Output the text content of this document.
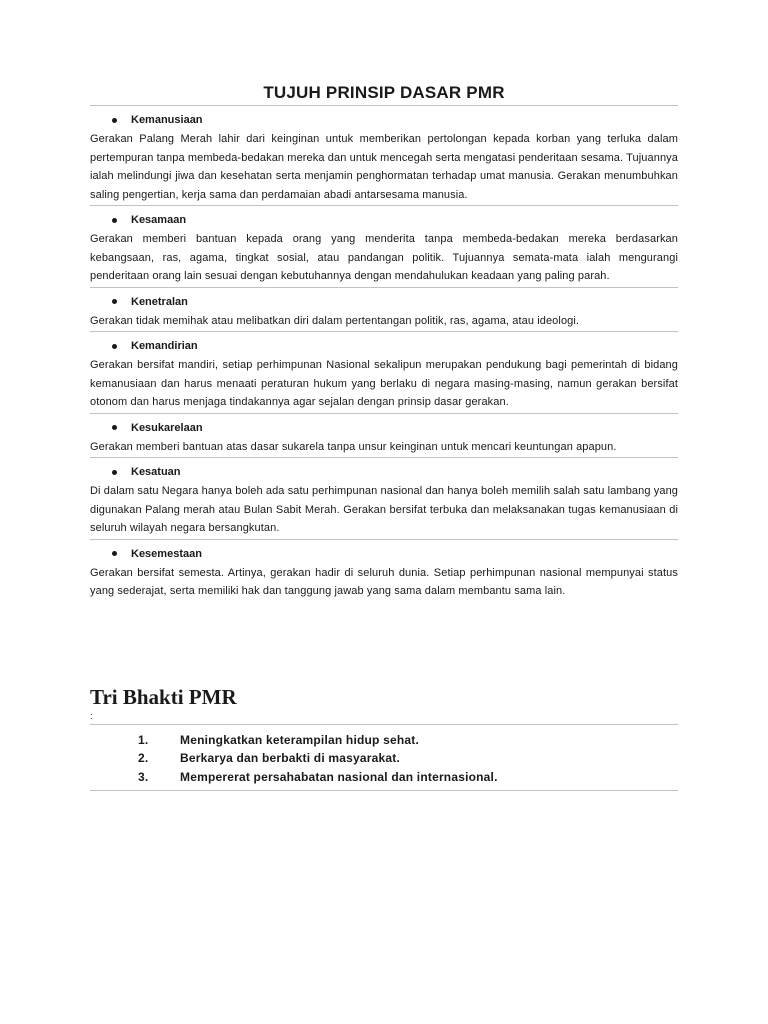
TUJUH PRINSIP DASAR PMR
Kemanusiaan

Gerakan Palang Merah lahir dari keinginan untuk memberikan pertolongan kepada korban yang terluka dalam pertempuran tanpa membeda-bedakan mereka dan untuk mencegah serta mengatasi penderitaan sesama. Tujuannya ialah melindungi jiwa dan kesehatan serta menjamin penghormatan terhadap umat manusia. Gerakan menumbuhkan saling pengertian, kerja sama dan perdamaian abadi antarsesama manusia.

Kesamaan

Gerakan memberi bantuan kepada orang yang menderita tanpa membeda-bedakan mereka berdasarkan kebangsaan, ras, agama, tingkat sosial, atau pandangan politik. Tujuannya semata-mata ialah mengurangi penderitaan orang lain sesuai dengan kebutuhannya dengan mendahulukan keadaan yang paling parah.

Kenetralan

Gerakan tidak memihak atau melibatkan diri dalam pertentangan politik, ras, agama, atau ideologi.

Kemandirian

Gerakan bersifat mandiri, setiap perhimpunan Nasional sekalipun merupakan pendukung bagi pemerintah di bidang kemanusiaan dan harus menaati peraturan hukum yang berlaku di negara masing-masing, namun gerakan bersifat otonom dan harus menjaga tindakannya agar sejalan dengan prinsip dasar gerakan.

Kesukarelaan

Gerakan memberi bantuan atas dasar sukarela tanpa unsur keinginan untuk mencari keuntungan apapun.

Kesatuan

Di dalam satu Negara hanya boleh ada satu perhimpunan nasional dan hanya boleh memilih salah satu lambang yang digunakan Palang merah atau Bulan Sabit Merah. Gerakan bersifat terbuka dan melaksanakan tugas kemanusiaan di seluruh wilayah negara bersangkutan.

Kesemestaan

Gerakan bersifat semesta. Artinya, gerakan hadir di seluruh dunia. Setiap perhimpunan nasional mempunyai status yang sederajat, serta memiliki hak dan tanggung jawab yang sama dalam membantu sama lain.

Tri Bhakti PMR

:

1.	Meningkatkan keterampilan hidup sehat.
2.	Berkarya dan berbakti di masyarakat.
3.	Mempererat persahabatan nasional dan internasional.
